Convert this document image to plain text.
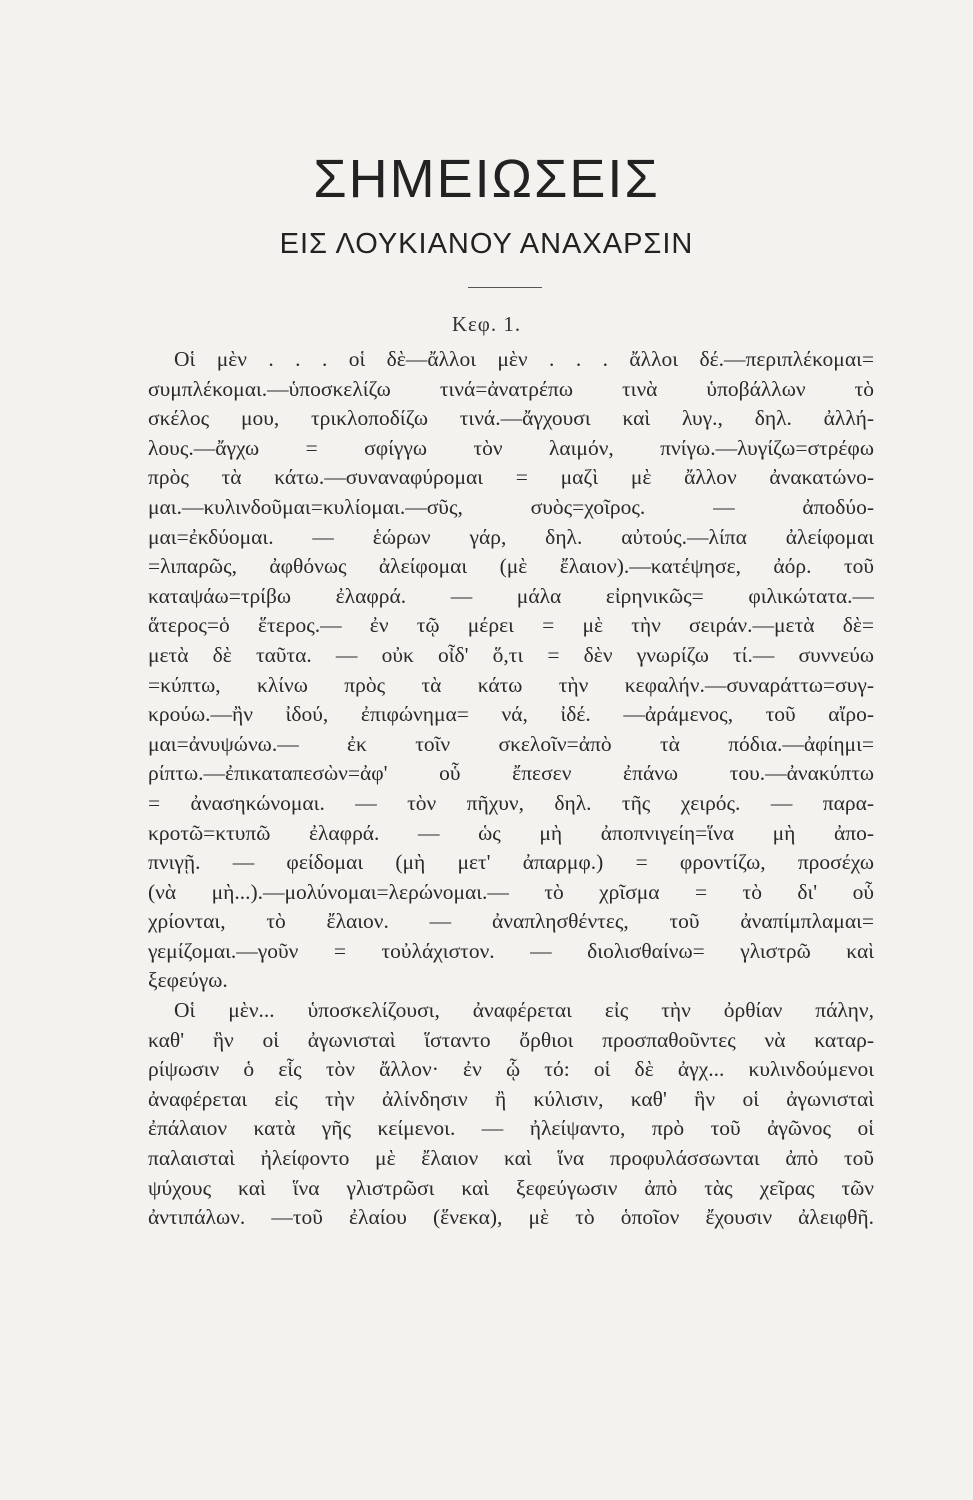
ΣΗΜΕΙΩΣΕΙΣ
ΕΙΣ ΛΟΥΚΙΑΝΟΥ ΑΝΑΧΑΡΣΙΝ
Κεφ. 1.
Οἱ μὲν . . . οἱ δὲ—ἄλλοι μὲν . . . ἄλλοι δέ.—περιπλέκομαι=
συμπλέκομαι.—ὑποσκελίζω τινά=ἀνατρέπω τινὰ ὑποβάλλων τὸ
σκέλος μου, τρικλοποδίζω τινά.—ἄγχουσι καὶ λυγ., δηλ. ἀλλή-
λους.—ἄγχω = σφίγγω τὸν λαιμόν, πνίγω.—λυγίζω=στρέφω
πρὸς τὰ κάτω.—συναναφύρομαι = μαζὶ μὲ ἄλλον ἀνακατώνο-
μαι.—κυλινδοῦμαι=κυλίομαι.—σῦς, συὸς=χοῖρος. — ἀποδύο-
μαι=ἐκδύομαι. — ἑώρων γάρ, δηλ. αὐτούς.—λίπα ἀλείφομαι
=λιπαρῶς, ἀφθόνως ἀλείφομαι (μὲ ἔλαιον).—κατέψησε, ἀόρ. τοῦ
καταψάω=τρίβω ἐλαφρά. — μάλα εἰρηνικῶς= φιλικώτατα.—
ἅτερος=ὁ ἕτερος.— ἐν τῷ μέρει = μὲ τὴν σειράν.—μετὰ δὲ=
μετὰ δὲ ταῦτα. — οὐκ οἶδ' ὅ,τι = δὲν γνωρίζω τί.— συννεύω
=κύπτω, κλίνω πρὸς τὰ κάτω τὴν κεφαλήν.—συναράττω=συγ-
κρούω.—ἢν ἰδού, ἐπιφώνημα= νά, ἰδέ. —ἀράμενος, τοῦ αἴρο-
μαι=ἀνυψώνω.— ἐκ τοῖν σκελοῖν=ἀπὸ τὰ πόδια.—ἀφίημι=
ρίπτω.—ἐπικαταπεσὼν=ἀφ' οὗ ἔπεσεν ἐπάνω του.—ἀνακύπτω
= ἀνασηκώνομαι. — τὸν πῆχυν, δηλ. τῆς χειρός. — παρα-
κροτῶ=κτυπῶ ἐλαφρά. — ὡς μὴ ἀποπνιγείη=ἵνα μὴ ἀπο-
πνιγῇ. — φείδομαι (μὴ μετ' ἀπαρμφ.) = φροντίζω, προσέχω
(νὰ μὴ...).—μολύνομαι=λερώνομαι.— τὸ χρῖσμα = τὸ δι' οὗ
χρίονται, τὸ ἔλαιον. — ἀναπλησθέντες, τοῦ ἀναπίμπλαμαι=
γεμίζομαι.—γοῦν = τοὐλάχιστον. — διολισθαίνω= γλιστρῶ καὶ
ξεφεύγω.
Οἱ μὲν... ὑποσκελίζουσι, ἀναφέρεται εἰς τὴν ὀρθίαν πάλην,
καθ' ἣν οἱ ἀγωνισταὶ ἵσταντο ὄρθιοι προσπαθοῦντες νὰ καταρ-
ρίψωσιν ὁ εἷς τὸν ἄλλον· ἐν ᾧ τό: οἱ δὲ ἀγχ... κυλινδούμενοι
ἀναφέρεται εἰς τὴν ἀλίνδησιν ἢ κύλισιν, καθ' ἣν οἱ ἀγωνισταὶ
ἐπάλαιον κατὰ γῆς κείμενοι. — ἠλείψαντο, πρὸ τοῦ ἀγῶνος οἱ
παλαισταὶ ἠλείφοντο μὲ ἔλαιον καὶ ἵνα προφυλάσσωνται ἀπὸ τοῦ
ψύχους καὶ ἵνα γλιστρῶσι καὶ ξεφεύγωσιν ἀπὸ τὰς χεῖρας τῶν
ἀντιπάλων. —τοῦ ἐλαίου (ἕνεκα), μὲ τὸ ὁποῖον ἔχουσιν ἀλειφθῆ.
